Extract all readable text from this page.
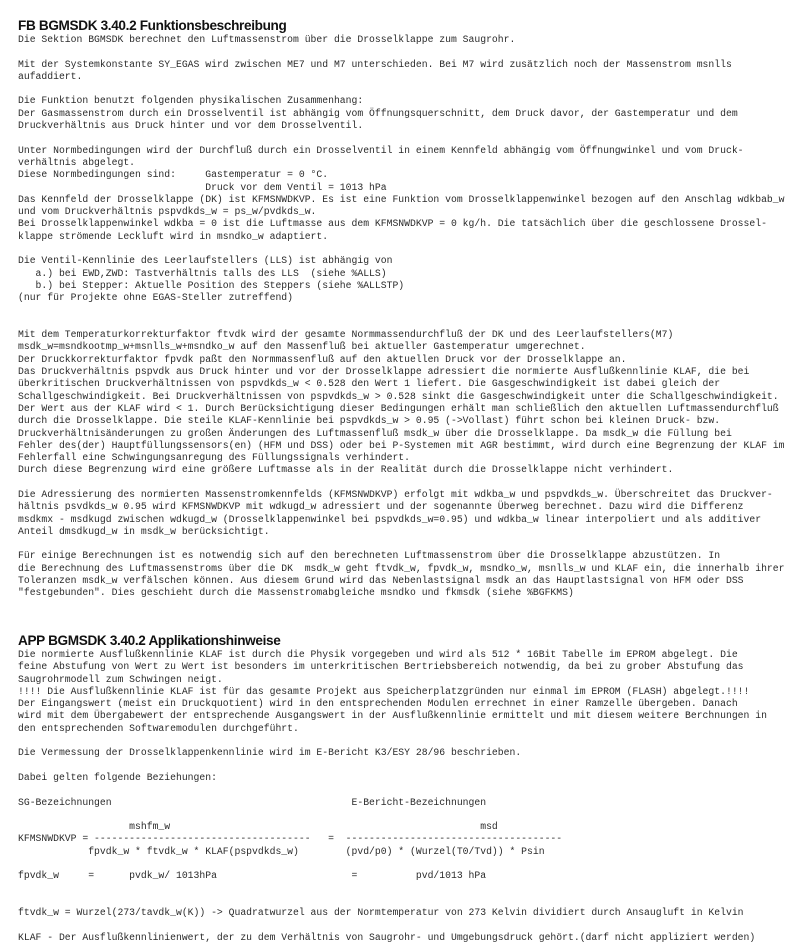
FB BGMSDK 3.40.2 Funktionsbeschreibung
Die Sektion BGMSDK berechnet den Luftmassenstrom über die Drosselklappe zum Saugrohr.
Mit der Systemkonstante SY_EGAS wird zwischen ME7 und M7 unterschieden. Bei M7 wird zusätzlich noch der Massenstrom msnlls
aufaddiert.
Die Funktion benutzt folgenden physikalischen Zusammenhang:
Der Gasmassenstrom durch ein Drosselventil ist abhängig vom Öffnungsquerschnitt, dem Druck davor, der Gastemperatur und dem
Druckverhältnis aus Druck hinter und vor dem Drosselventil.
Unter Normbedingungen wird der Durchfluß durch ein Drosselventil in einem Kennfeld abhängig vom Öffnungwinkel und vom Druck-
verhältnis abgelegt.
Diese Normbedingungen sind:     Gastemperatur = 0 °C.
Druck vor dem Ventil = 1013 hPa
Das Kennfeld der Drosselklappe (DK) ist KFMSNWDKVP. Es ist eine Funktion vom Drosselklappenwinkel bezogen auf den Anschlag wdkbab_w
und vom Druckverhältnis pspvdkds_w = ps_w/pvdkds_w.
Bei Drosselklappenwinkel wdkba = 0 ist die Luftmasse aus dem KFMSNWDKVP = 0 kg/h. Die tatsächlich über die geschlossene Drossel-
klappe strömende Leckluft wird in msndko_w adaptiert.
Die Ventil-Kennlinie des Leerlaufstellers (LLS) ist abhängig von
a.) bei EWD,ZWD: Tastverhältnis talls des LLS  (siehe %ALLS)
b.) bei Stepper: Aktuelle Position des Steppers (siehe %ALLSTP)
(nur für Projekte ohne EGAS-Steller zutreffend)
Mit dem Temperaturkorrekturfaktor ftvdk wird der gesamte Normmassendurchfluß der DK und des Leerlaufstellers(M7)
msdk_w=msndkootmp_w+msnlls_w+msndko_w auf den Massenfluß bei aktueller Gastemperatur umgerechnet.
Der Druckkorrekturfaktor fpvdk paßt den Normmassenfluß auf den aktuellen Druck vor der Drosselklappe an.
Das Druckverhältnis pspvdk aus Druck hinter und vor der Drosselklappe adressiert die normierte Ausflußkennlinie KLAF, die bei
überkritischen Druckverhältnissen von pspvdkds_w < 0.528 den Wert 1 liefert. Die Gasgeschwindigkeit ist dabei gleich der
Schallgeschwindigkeit. Bei Druckverhältnissen von pspvdkds_w > 0.528 sinkt die Gasgeschwindigkeit unter die Schallgeschwindigkeit.
Der Wert aus der KLAF wird < 1. Durch Berücksichtigung dieser Bedingungen erhält man schließlich den aktuellen Luftmassendurchfluß
durch die Drosselklappe. Die steile KLAF-Kennlinie bei pspvdkds_w > 0.95 (->Vollast) führt schon bei kleinen Druck- bzw.
Druckverhältnisänderungen zu großen Änderungen des Luftmassenfluß msdk_w über die Drosselklappe. Da msdk_w die Füllung bei
Fehler des(der) Hauptfüllungssensors(en) (HFM und DSS) oder bei P-Systemen mit AGR bestimmt, wird durch eine Begrenzung der KLAF im
Fehlerfall eine Schwingungsanregung des Füllungssignals verhindert.
Durch diese Begrenzung wird eine größere Luftmasse als in der Realität durch die Drosselklappe nicht verhindert.
Die Adressierung des normierten Massenstromkennfelds (KFMSNWDKVP) erfolgt mit wdkba_w und pspvdkds_w. Überschreitet das Druckver-
hältnis psvdkds_w 0.95 wird KFMSNWDKVP mit wdkugd_w adressiert und der sogenannte Überweg berechnet. Dazu wird die Differenz
msdkmx - msdkugd zwischen wdkugd_w (Drosselklappenwinkel bei pspvdkds_w=0.95) und wdkba_w linear interpoliert und als additiver
Anteil dmsdkugd_w in msdk_w berücksichtigt.
Für einige Berechnungen ist es notwendig sich auf den berechneten Luftmassenstrom über die Drosselklappe abzustützen. In
die Berechnung des Luftmassenstroms über die DK  msdk_w geht ftvdk_w, fpvdk_w, msndko_w, msnlls_w und KLAF ein, die innerhalb ihrer
Toleranzen msdk_w verfälschen können. Aus diesem Grund wird das Nebenlastsignal msdk an das Hauptlastsignal von HFM oder DSS
"festgebunden". Dies geschieht durch die Massenstromabgleiche msndko und fkmsdk (siehe %BGFKMS)
APP BGMSDK 3.40.2 Applikationshinweise
Die normierte Ausflußkennlinie KLAF ist durch die Physik vorgegeben und wird als 512 * 16Bit Tabelle im EPROM abgelegt. Die
feine Abstufung von Wert zu Wert ist besonders im unterkritischen Bertriebsbereich notwendig, da bei zu grober Abstufung das
Saugrohrmodell zum Schwingen neigt.
!!!! Die Ausflußkennlinie KLAF ist für das gesamte Projekt aus Speicherplatzgründen nur einmal im EPROM (FLASH) abgelegt.!!!!
Der Eingangswert (meist ein Druckquotient) wird in den entsprechenden Modulen errechnet in einer Ramzelle übergeben. Danach
wird mit dem Übergabewert der entsprechende Ausgangswert in der Ausflußkennlinie ermittelt und mit diesem weitere Berchnungen in
den entsprechenden Softwaremodulen durchgeführt.
Die Vermessung der Drosselklappenkennlinie wird im E-Bericht K3/ESY 28/96 beschrieben.
Dabei gelten folgende Beziehungen:
SG-Bezeichnungen                                         E-Bericht-Bezeichnungen
mshfm_w                                                     msd
KFMSNWDKVP = -------------------------------------   =  -------------------------------------
fpvdk_w * ftvdk_w * KLAF(pspvdkds_w)        (pvd/p0) * (Wurzel(T0/Tvd)) * Psin
fpvdk_w     =      pvdk_w/ 1013hPa                       =          pvd/1013 hPa
ftvdk_w = Wurzel(273/tavdk_w(K)) -> Quadratwurzel aus der Normtemperatur von 273 Kelvin dividiert durch Ansaugluft in Kelvin
KLAF - Der Ausflußkennlinienwert, der zu dem Verhältnis von Saugrohr- und Umgebungsdruck gehört.(darf nicht appliziert werden)
